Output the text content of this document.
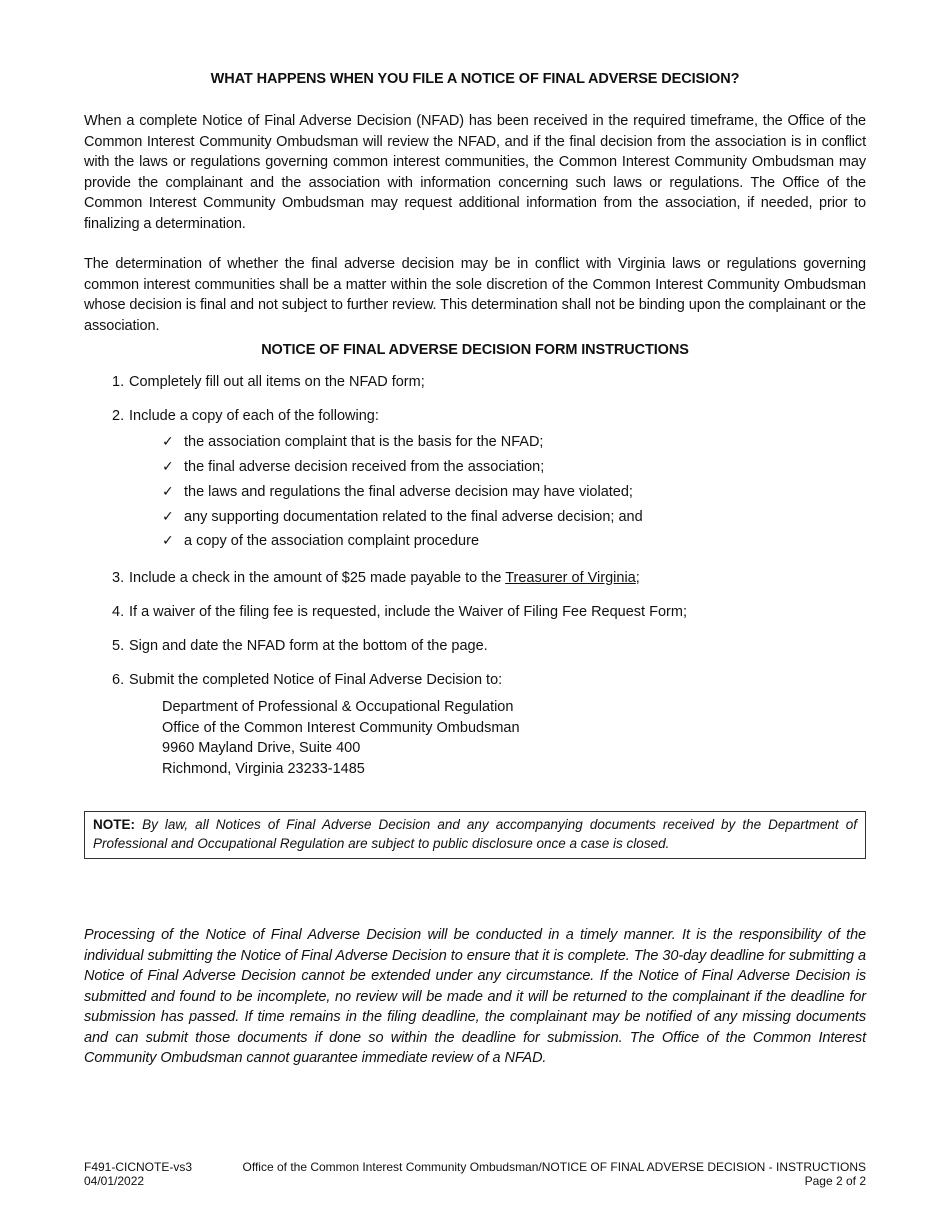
WHAT HAPPENS WHEN YOU FILE A NOTICE OF FINAL ADVERSE DECISION?
When a complete Notice of Final Adverse Decision (NFAD) has been received in the required timeframe, the Office of the Common Interest Community Ombudsman will review the NFAD, and if the final decision from the association is in conflict with the laws or regulations governing common interest communities, the Common Interest Community Ombudsman may provide the complainant and the association with information concerning such laws or regulations. The Office of the Common Interest Community Ombudsman may request additional information from the association, if needed, prior to finalizing a determination.
The determination of whether the final adverse decision may be in conflict with Virginia laws or regulations governing common interest communities shall be a matter within the sole discretion of the Common Interest Community Ombudsman whose decision is final and not subject to further review. This determination shall not be binding upon the complainant or the association.
NOTICE OF FINAL ADVERSE DECISION FORM INSTRUCTIONS
1. Completely fill out all items on the NFAD form;
2. Include a copy of each of the following:
✓ the association complaint that is the basis for the NFAD;
✓ the final adverse decision received from the association;
✓ the laws and regulations the final adverse decision may have violated;
✓ any supporting documentation related to the final adverse decision; and
✓ a copy of the association complaint procedure
3. Include a check in the amount of $25 made payable to the Treasurer of Virginia;
4. If a waiver of the filing fee is requested, include the Waiver of Filing Fee Request Form;
5. Sign and date the NFAD form at the bottom of the page.
6. Submit the completed Notice of Final Adverse Decision to:
Department of Professional & Occupational Regulation
Office of the Common Interest Community Ombudsman
9960 Mayland Drive, Suite 400
Richmond, Virginia 23233-1485
NOTE: By law, all Notices of Final Adverse Decision and any accompanying documents received by the Department of Professional and Occupational Regulation are subject to public disclosure once a case is closed.
Processing of the Notice of Final Adverse Decision will be conducted in a timely manner. It is the responsibility of the individual submitting the Notice of Final Adverse Decision to ensure that it is complete. The 30-day deadline for submitting a Notice of Final Adverse Decision cannot be extended under any circumstance. If the Notice of Final Adverse Decision is submitted and found to be incomplete, no review will be made and it will be returned to the complainant if the deadline for submission has passed. If time remains in the filing deadline, the complainant may be notified of any missing documents and can submit those documents if done so within the deadline for submission. The Office of the Common Interest Community Ombudsman cannot guarantee immediate review of a NFAD.
F491-CICNOTE-vs3
04/01/2022
Office of the Common Interest Community Ombudsman/NOTICE OF FINAL ADVERSE DECISION - INSTRUCTIONS
Page 2 of 2
